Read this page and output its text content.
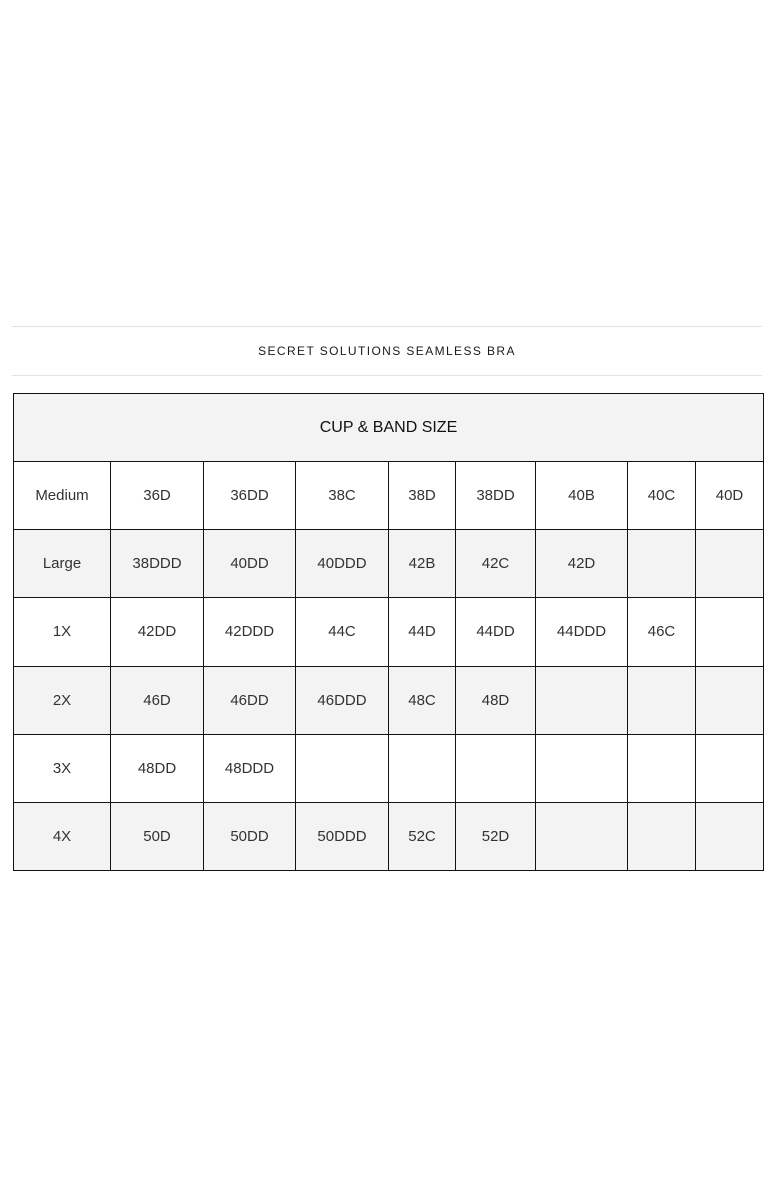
SECRET SOLUTIONS SEAMLESS BRA
CUP & BAND SIZE								
Medium	36D	36DD	38C	38D	38DD	40B	40C	40D
Large	38DDD	40DD	40DDD	42B	42C	42D		
1X	42DD	42DDD	44C	44D	44DD	44DDD	46C	
2X	46D	46DD	46DDD	48C	48D			
3X	48DD	48DDD						
4X	50D	50DD	50DDD	52C	52D			
